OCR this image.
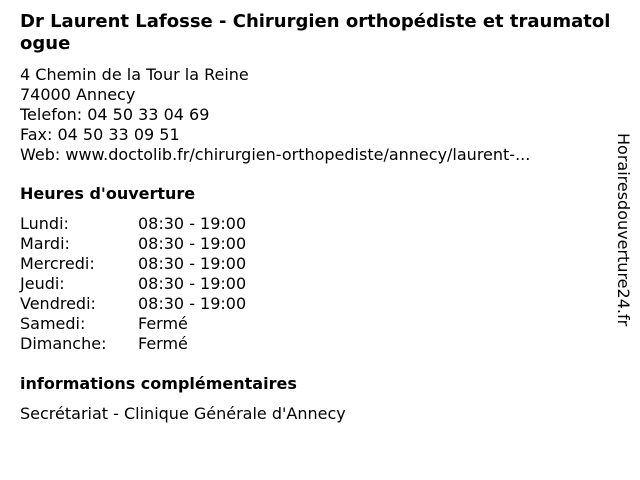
Dr Laurent Lafosse - Chirurgien orthopédiste et traumatologue
4 Chemin de la Tour la Reine
74000 Annecy
Telefon: 04 50 33 04 69
Fax: 04 50 33 09 51
Web: www.doctolib.fr/chirurgien-orthopediste/annecy/laurent-...
Heures d'ouverture
Lundi:	08:30 - 19:00
Mardi:	08:30 - 19:00
Mercredi:	08:30 - 19:00
Jeudi:	08:30 - 19:00
Vendredi:	08:30 - 19:00
Samedi:	Fermé
Dimanche:	Fermé
informations complémentaires
Secrétariat - Clinique Générale d'Annecy
Horairesdouverture24.fr
